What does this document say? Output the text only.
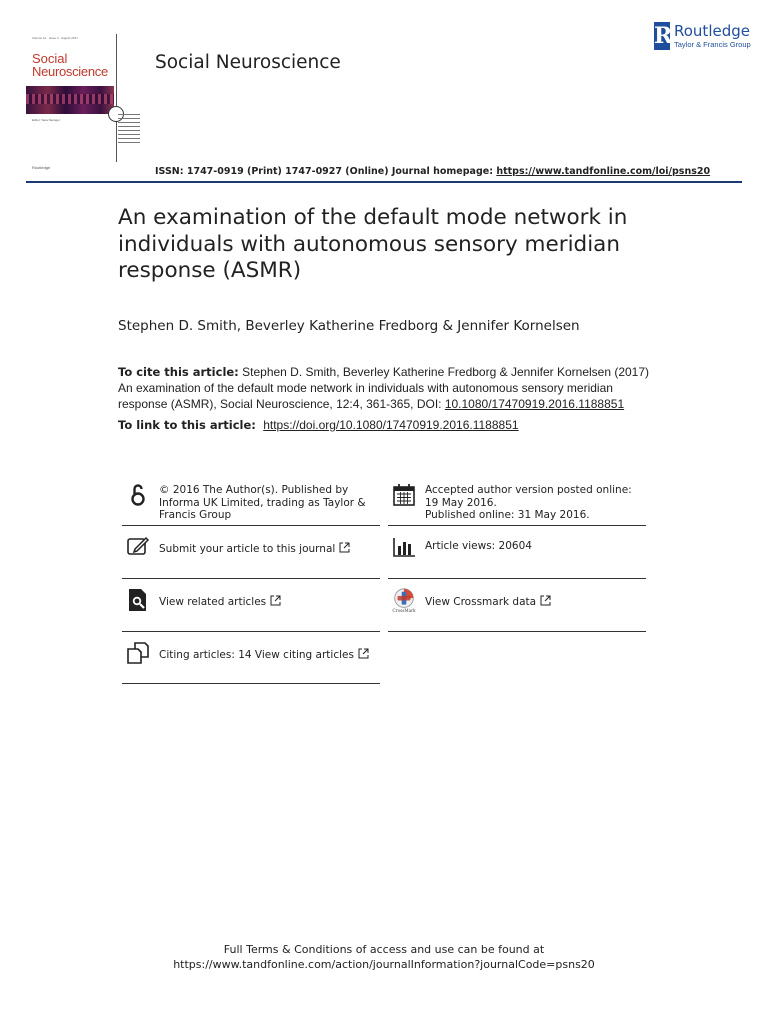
Volume 12 · Issue 4 · August 2017
Social
Neuroscience
Editor: Sara Steinger
Routledge
Social Neuroscience
R Routledge
Taylor & Francis Group
ISSN: 1747-0919 (Print) 1747-0927 (Online) Journal homepage: https://www.tandfonline.com/loi/psns20
An examination of the default mode network in individuals with autonomous sensory meridian response (ASMR)
Stephen D. Smith, Beverley Katherine Fredborg & Jennifer Kornelsen
To cite this article: Stephen D. Smith, Beverley Katherine Fredborg & Jennifer Kornelsen (2017) An examination of the default mode network in individuals with autonomous sensory meridian response (ASMR), Social Neuroscience, 12:4, 361-365, DOI: 10.1080/17470919.2016.1188851
To link to this article: https://doi.org/10.1080/17470919.2016.1188851
© 2016 The Author(s). Published by Informa UK Limited, trading as Taylor & Francis Group
Submit your article to this journal
View related articles
Citing articles: 14 View citing articles
Accepted author version posted online: 19 May 2016.
Published online: 31 May 2016.
Article views: 20604
CrossMark
View Crossmark data
Full Terms & Conditions of access and use can be found at
https://www.tandfonline.com/action/journalInformation?journalCode=psns20
